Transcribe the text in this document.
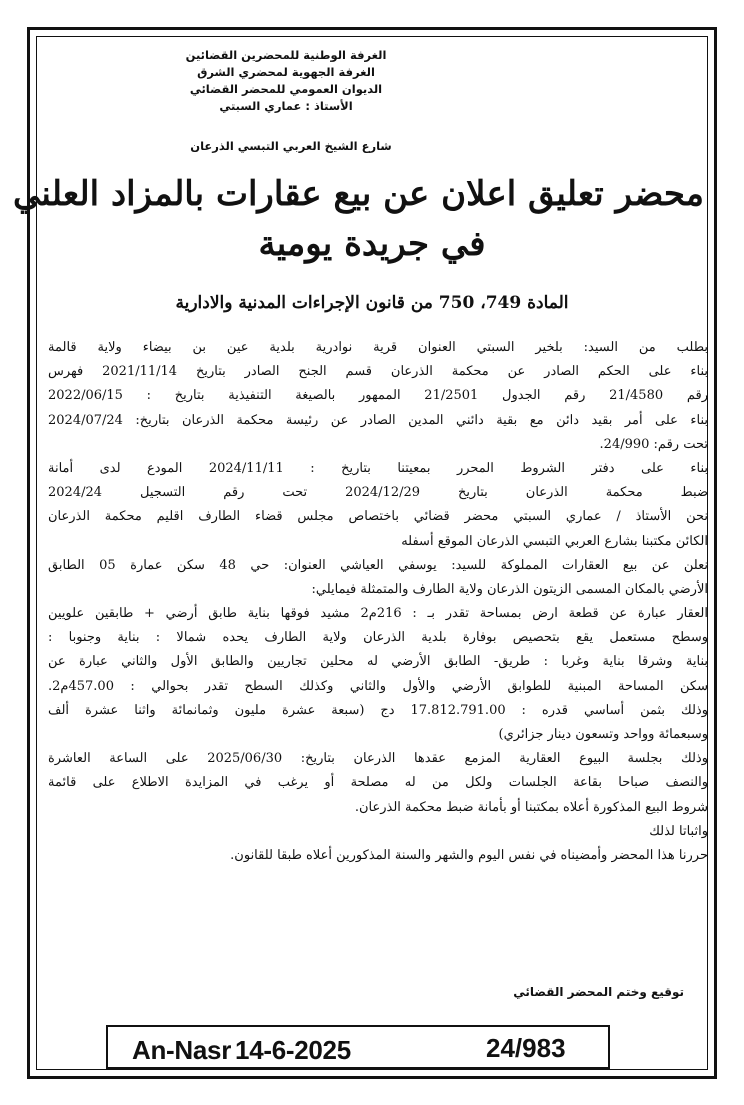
الغرفة الوطنية للمحضرين القضائين
الغرفة الجهوية لمحضري الشرق
الديوان العمومي للمحضر القضائي
الأستاذ : عماري السبتي
شارع الشيخ العربي التبسي الذرعان
محضر تعليق اعلان عن بيع عقارات بالمزاد العلني
في جريدة يومية
المادة 749، 750 من قانون الإجراءات المدنية والادارية
بطلب من السيد: بلخير السبتي العنوان قرية نوادرية بلدية عين بن بيضاء ولاية قالمة
بناء على الحكم الصادر عن محكمة الذرعان قسم الجنح الصادر بتاريخ 2021/11/14 فهرس
رقم 21/4580 رقم الجدول 21/2501 الممهور بالصيغة التنفيذية بتاريخ : 2022/06/15
بناء على أمر بقيد دائن مع بقية دائني المدين الصادر عن رئيسة محكمة الذرعان بتاريخ: 2024/07/24
تحت رقم: 24/990.
بناء على دفتر الشروط المحرر بمعيتنا بتاريخ : 2024/11/11 المودع لدى أمانة
ضبط محكمة الذرعان بتاريخ 2024/12/29 تحت رقم التسجيل 2024/24
نحن الأستاذ / عماري السبتي محضر قضائي باختصاص مجلس قضاء الطارف اقليم محكمة الذرعان
الكائن مكتبنا بشارع العربي التبسي الذرعان الموقع أسفله
نعلن عن بيع العقارات المملوكة للسيد: يوسفي العياشي العنوان: حي 48 سكن عمارة 05 الطابق
الأرضي بالمكان المسمى الزيتون الذرعان ولاية الطارف والمتمثلة فيمايلي:
العقار عبارة عن قطعة ارض بمساحة تقدر بـ : 216م2 مشيد فوقها بناية طابق أرضي + طابقين علويين
وسطح مستعمل يقع بتحصيص بوفارة بلدية الذرعان ولاية الطارف يحده شمالا : بناية وجنوبا :
بناية وشرقا بناية وغربا : طريق- الطابق الأرضي له محلين تجاريين والطابق الأول والثاني عبارة عن
سكن المساحة المبنية للطوابق الأرضي والأول والثاني وكذلك السطح تقدر بحوالي : 457.00م2.
وذلك بثمن أساسي قدره : 17.812.791.00 دج (سبعة عشرة مليون وثمانمائة واثنا عشرة ألف
وسبعمائة وواحد وتسعون دينار جزائري)
وذلك بجلسة البيوع العقارية المزمع عقدها الذرعان بتاريخ: 2025/06/30 على الساعة العاشرة
والنصف صباحا بقاعة الجلسات ولكل من له مصلحة أو يرغب في المزايدة الاطلاع على قائمة
شروط البيع المذكورة أعلاه بمكتبنا أو بأمانة ضبط محكمة الذرعان.
واثباتا لذلك
حررنا هذا المحضر وأمضيناه في نفس اليوم والشهر والسنة المذكورين أعلاه طبقا للقانون.
توقيع وختم المحضر القضائي
An-Nasr 14-6-2025	24/983
